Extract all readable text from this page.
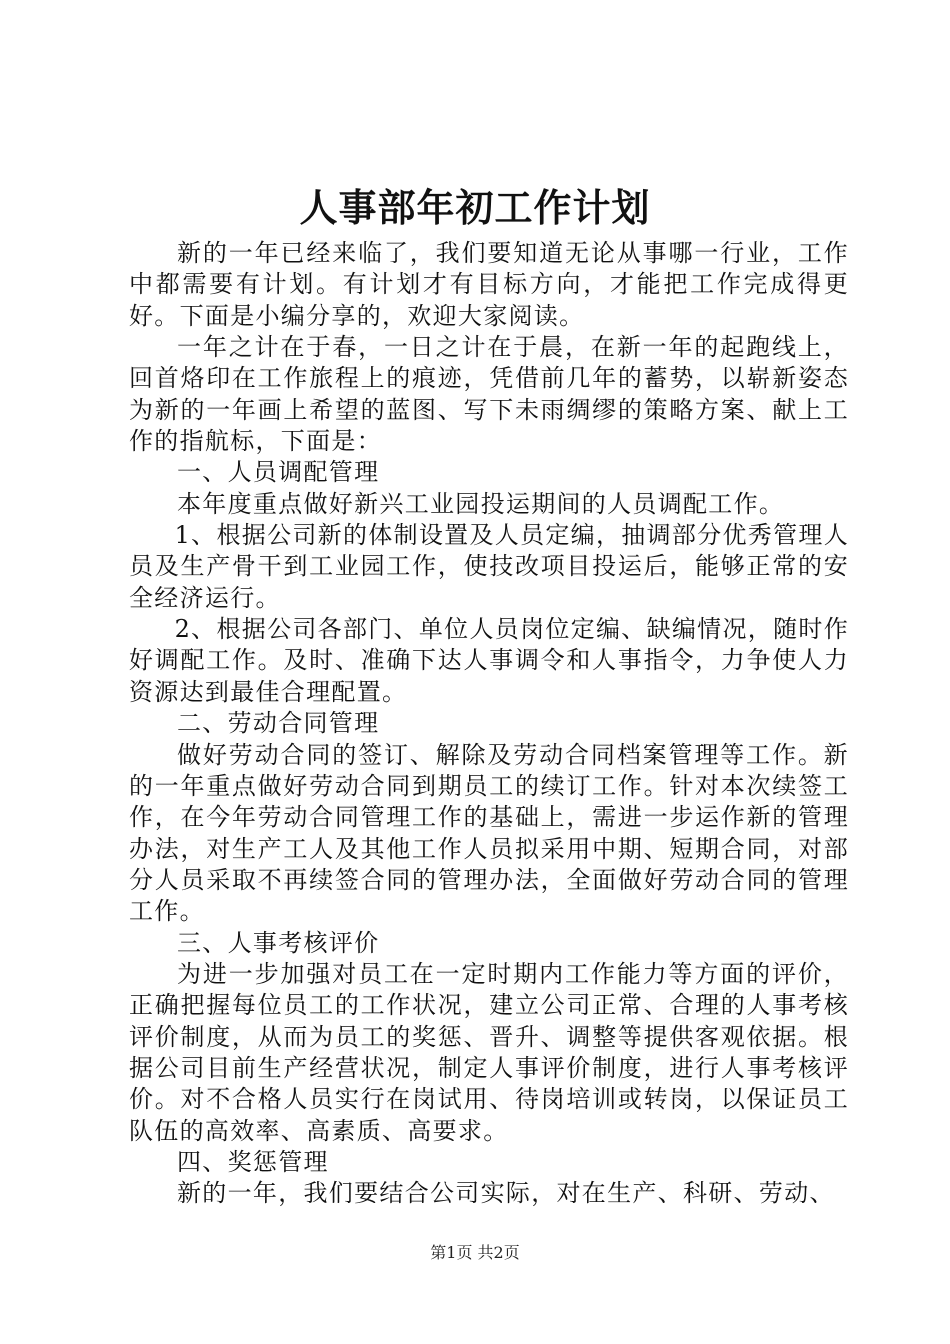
人事部年初工作计划

新的一年已经来临了，我们要知道无论从事哪一行业，工作中都需要有计划。有计划才有目标方向，才能把工作完成得更好。下面是小编分享的，欢迎大家阅读。

一年之计在于春，一日之计在于晨，在新一年的起跑线上，回首烙印在工作旅程上的痕迹，凭借前几年的蓄势，以崭新姿态为新的一年画上希望的蓝图、写下未雨绸缪的策略方案、献上工作的指航标，下面是：

一、人员调配管理

本年度重点做好新兴工业园投运期间的人员调配工作。

1、根据公司新的体制设置及人员定编，抽调部分优秀管理人员及生产骨干到工业园工作，使技改项目投运后，能够正常的安全经济运行。

2、根据公司各部门、单位人员岗位定编、缺编情况，随时作好调配工作。及时、准确下达人事调令和人事指令，力争使人力资源达到最佳合理配置。

二、劳动合同管理

做好劳动合同的签订、解除及劳动合同档案管理等工作。新的一年重点做好劳动合同到期员工的续订工作。针对本次续签工作，在今年劳动合同管理工作的基础上，需进一步运作新的管理办法，对生产工人及其他工作人员拟采用中期、短期合同，对部分人员采取不再续签合同的管理办法，全面做好劳动合同的管理工作。

三、人事考核评价

为进一步加强对员工在一定时期内工作能力等方面的评价，正确把握每位员工的工作状况，建立公司正常、合理的人事考核评价制度，从而为员工的奖惩、晋升、调整等提供客观依据。根据公司目前生产经营状况，制定人事评价制度，进行人事考核评价。对不合格人员实行在岗试用、待岗培训或转岗，以保证员工队伍的高效率、高素质、高要求。

四、奖惩管理

新的一年，我们要结合公司实际，对在生产、科研、劳动、

第1页 共2页
